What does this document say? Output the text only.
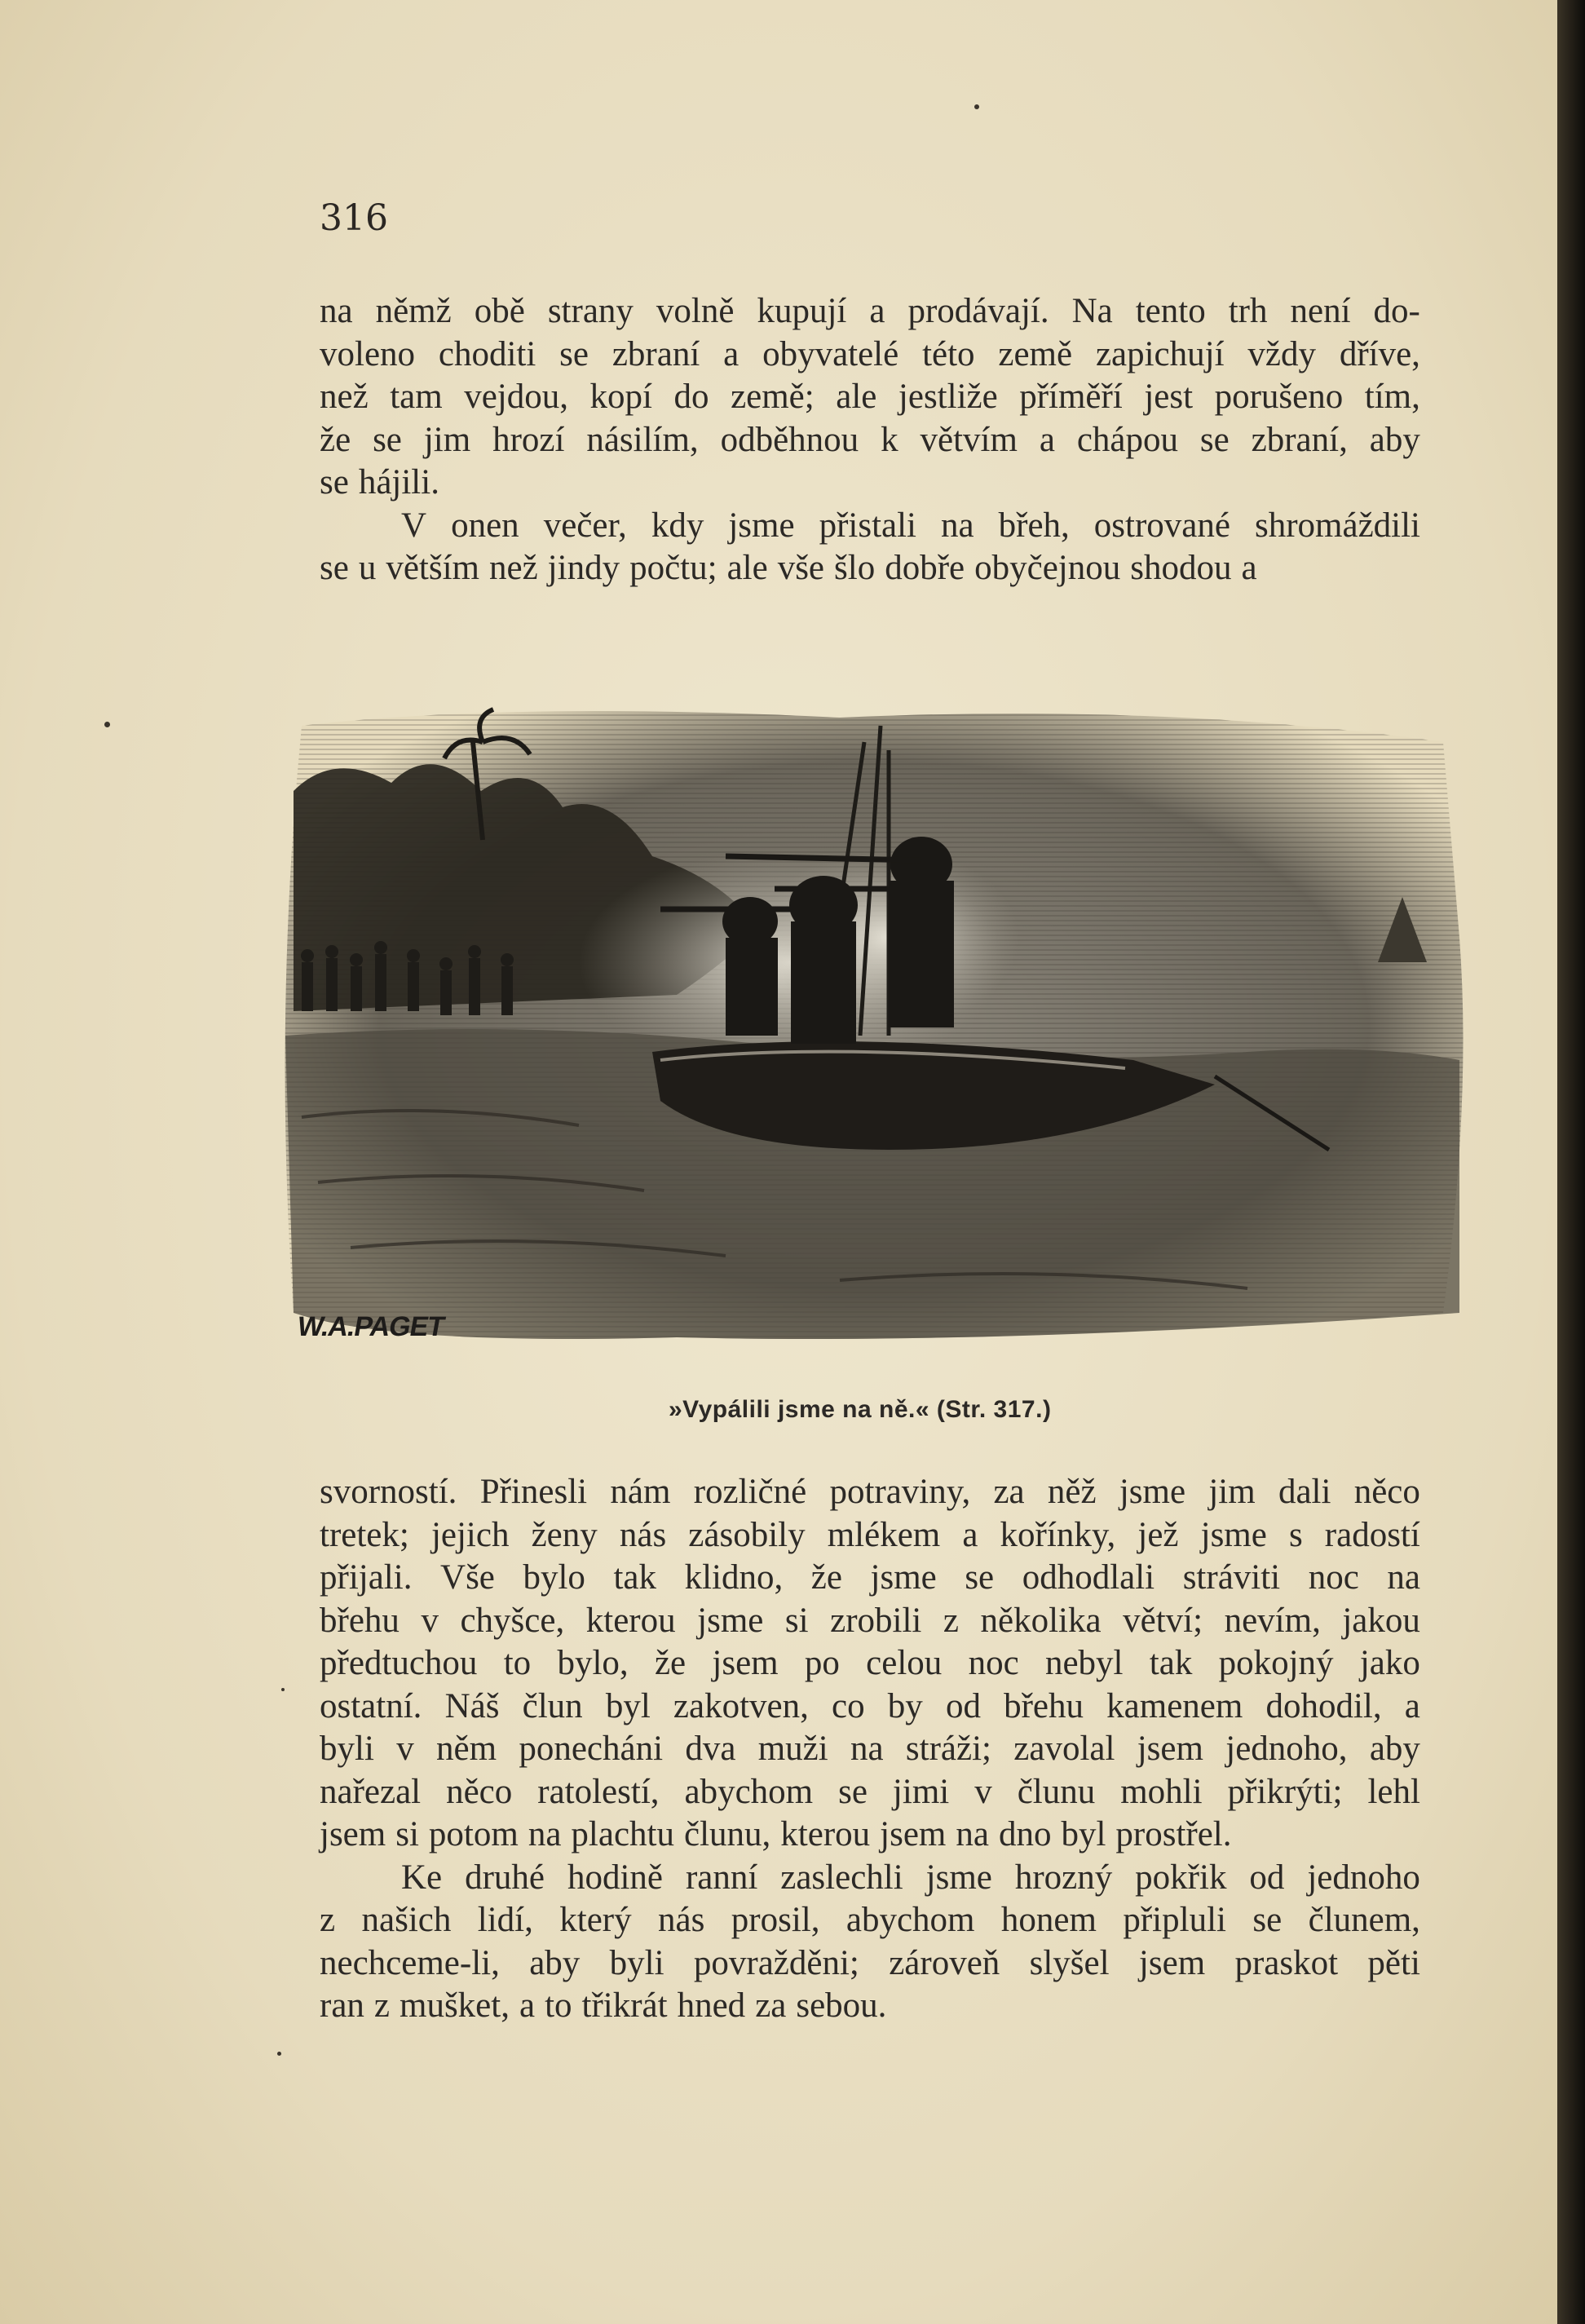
316
na němž obě strany volně kupují a prodávají. Na tento trh není do-
voleno choditi se zbraní a obyvatelé této země zapichují vždy dříve,
než tam vejdou, kopí do země; ale jestliže příměří jest porušeno tím,
že se jim hrozí násilím, odběhnou k větvím a chápou se zbraní, aby
se hájili.
V onen večer, kdy jsme přistali na břeh, ostrované shromáždili
se u větším než jindy počtu; ale vše šlo dobře obyčejnou shodou a
W.A.PAGET
»Vypálili jsme na ně.« (Str. 317.)
svorností. Přinesli nám rozličné potraviny, za něž jsme jim dali něco
tretek; jejich ženy nás zásobily mlékem a kořínky, jež jsme s radostí
přijali. Vše bylo tak klidno, že jsme se odhodlali stráviti noc na
břehu v chyšce, kterou jsme si zrobili z několika větví; nevím, jakou
předtuchou to bylo, že jsem po celou noc nebyl tak pokojný jako
ostatní. Náš člun byl zakotven, co by od břehu kamenem dohodil, a
byli v něm ponecháni dva muži na stráži; zavolal jsem jednoho, aby
nařezal něco ratolestí, abychom se jimi v člunu mohli přikrýti; lehl
jsem si potom na plachtu člunu, kterou jsem na dno byl prostřel.
Ke druhé hodině ranní zaslechli jsme hrozný pokřik od jednoho
z našich lidí, který nás prosil, abychom honem připluli se člunem,
nechceme-li, aby byli povražděni; zároveň slyšel jsem praskot pěti
ran z mušket, a to třikrát hned za sebou.
